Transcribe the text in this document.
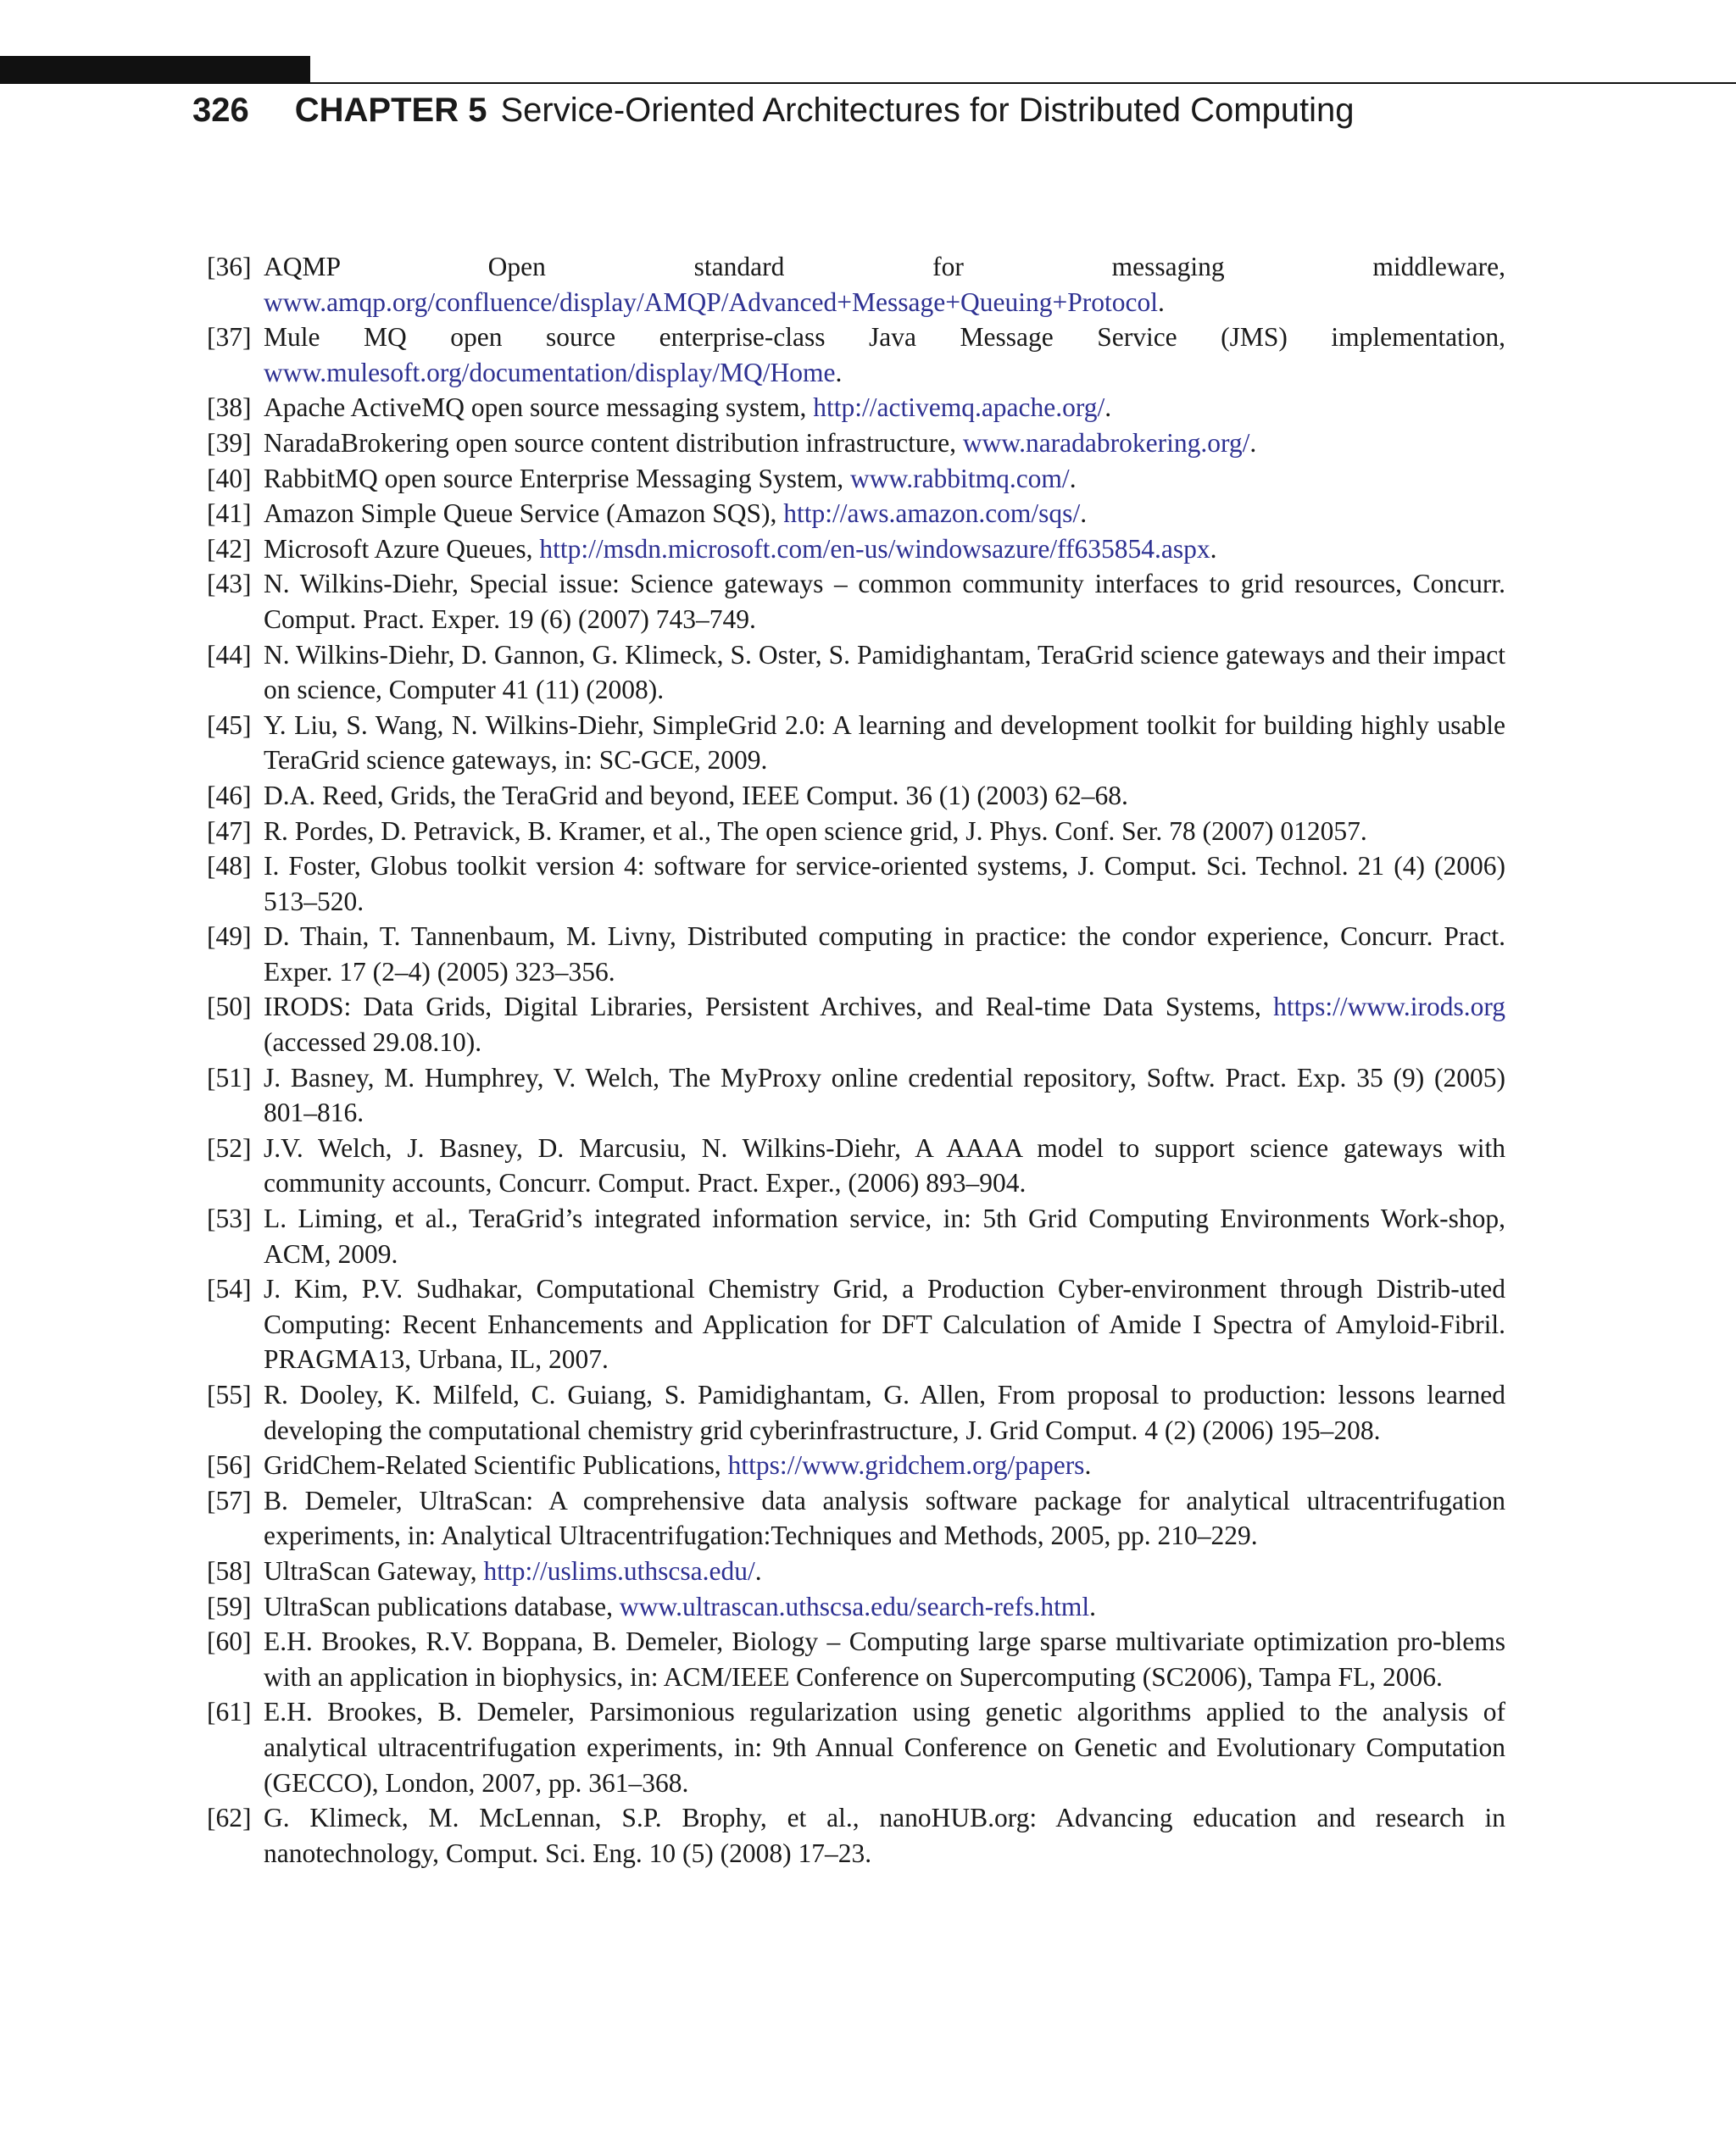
326 CHAPTER 5 Service-Oriented Architectures for Distributed Computing
[36] AQMP Open standard for messaging middleware, www.amqp.org/confluence/display/AMQP/Advanced+Message+Queuing+Protocol.
[37] Mule MQ open source enterprise-class Java Message Service (JMS) implementation, www.mulesoft.org/documentation/display/MQ/Home.
[38] Apache ActiveMQ open source messaging system, http://activemq.apache.org/.
[39] NaradaBrokering open source content distribution infrastructure, www.naradabrokering.org/.
[40] RabbitMQ open source Enterprise Messaging System, www.rabbitmq.com/.
[41] Amazon Simple Queue Service (Amazon SQS), http://aws.amazon.com/sqs/.
[42] Microsoft Azure Queues, http://msdn.microsoft.com/en-us/windowsazure/ff635854.aspx.
[43] N. Wilkins-Diehr, Special issue: Science gateways – common community interfaces to grid resources, Concurr. Comput. Pract. Exper. 19 (6) (2007) 743–749.
[44] N. Wilkins-Diehr, D. Gannon, G. Klimeck, S. Oster, S. Pamidighantam, TeraGrid science gateways and their impact on science, Computer 41 (11) (2008).
[45] Y. Liu, S. Wang, N. Wilkins-Diehr, SimpleGrid 2.0: A learning and development toolkit for building highly usable TeraGrid science gateways, in: SC-GCE, 2009.
[46] D.A. Reed, Grids, the TeraGrid and beyond, IEEE Comput. 36 (1) (2003) 62–68.
[47] R. Pordes, D. Petravick, B. Kramer, et al., The open science grid, J. Phys. Conf. Ser. 78 (2007) 012057.
[48] I. Foster, Globus toolkit version 4: software for service-oriented systems, J. Comput. Sci. Technol. 21 (4) (2006) 513–520.
[49] D. Thain, T. Tannenbaum, M. Livny, Distributed computing in practice: the condor experience, Concurr. Pract. Exper. 17 (2–4) (2005) 323–356.
[50] IRODS: Data Grids, Digital Libraries, Persistent Archives, and Real-time Data Systems, https://www.irods.org (accessed 29.08.10).
[51] J. Basney, M. Humphrey, V. Welch, The MyProxy online credential repository, Softw. Pract. Exp. 35 (9) (2005) 801–816.
[52] J.V. Welch, J. Basney, D. Marcusiu, N. Wilkins-Diehr, A AAAA model to support science gateways with community accounts, Concurr. Comput. Pract. Exper., (2006) 893–904.
[53] L. Liming, et al., TeraGrid’s integrated information service, in: 5th Grid Computing Environments Work-shop, ACM, 2009.
[54] J. Kim, P.V. Sudhakar, Computational Chemistry Grid, a Production Cyber-environment through Distrib-uted Computing: Recent Enhancements and Application for DFT Calculation of Amide I Spectra of Amyloid-Fibril. PRAGMA13, Urbana, IL, 2007.
[55] R. Dooley, K. Milfeld, C. Guiang, S. Pamidighantam, G. Allen, From proposal to production: lessons learned developing the computational chemistry grid cyberinfrastructure, J. Grid Comput. 4 (2) (2006) 195–208.
[56] GridChem-Related Scientific Publications, https://www.gridchem.org/papers.
[57] B. Demeler, UltraScan: A comprehensive data analysis software package for analytical ultracentrifugation experiments, in: Analytical Ultracentrifugation:Techniques and Methods, 2005, pp. 210–229.
[58] UltraScan Gateway, http://uslims.uthscsa.edu/.
[59] UltraScan publications database, www.ultrascan.uthscsa.edu/search-refs.html.
[60] E.H. Brookes, R.V. Boppana, B. Demeler, Biology – Computing large sparse multivariate optimization pro-blems with an application in biophysics, in: ACM/IEEE Conference on Supercomputing (SC2006), Tampa FL, 2006.
[61] E.H. Brookes, B. Demeler, Parsimonious regularization using genetic algorithms applied to the analysis of analytical ultracentrifugation experiments, in: 9th Annual Conference on Genetic and Evolutionary Computation (GECCO), London, 2007, pp. 361–368.
[62] G. Klimeck, M. McLennan, S.P. Brophy, et al., nanoHUB.org: Advancing education and research in nanotechnology, Comput. Sci. Eng. 10 (5) (2008) 17–23.
